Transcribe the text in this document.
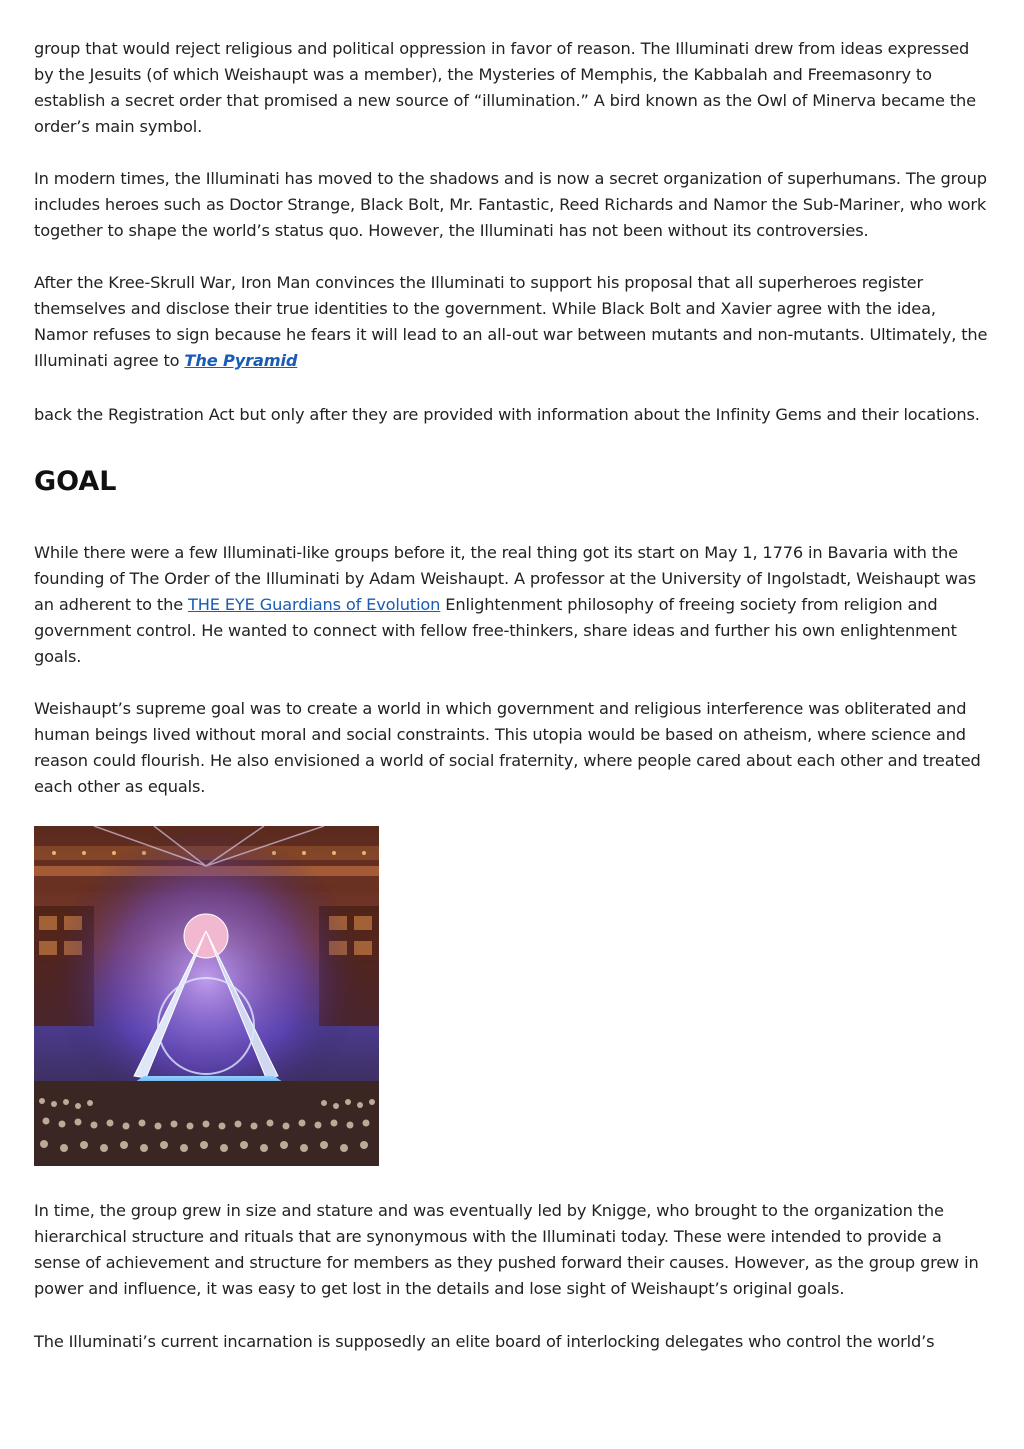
group that would reject religious and political oppression in favor of reason. The Illuminati drew from ideas expressed by the Jesuits (of which Weishaupt was a member), the Mysteries of Memphis, the Kabbalah and Freemasonry to establish a secret order that promised a new source of “illumination.” A bird known as the Owl of Minerva became the order’s main symbol.

In modern times, the Illuminati has moved to the shadows and is now a secret organization of superhumans. The group includes heroes such as Doctor Strange, Black Bolt, Mr. Fantastic, Reed Richards and Namor the Sub-Mariner, who work together to shape the world’s status quo. However, the Illuminati has not been without its controversies.

After the Kree-Skrull War, Iron Man convinces the Illuminati to support his proposal that all superheroes register themselves and disclose their true identities to the government. While Black Bolt and Xavier agree with the idea, Namor refuses to sign because he fears it will lead to an all-out war between mutants and non-mutants. Ultimately, the Illuminati agree to The Pyramid

back the Registration Act but only after they are provided with information about the Infinity Gems and their locations.

GOAL

While there were a few Illuminati-like groups before it, the real thing got its start on May 1, 1776 in Bavaria with the founding of The Order of the Illuminati by Adam Weishaupt. A professor at the University of Ingolstadt, Weishaupt was an adherent to the THE EYE Guardians of Evolution Enlightenment philosophy of freeing society from religion and government control. He wanted to connect with fellow free-thinkers, share ideas and further his own enlightenment goals.

Weishaupt’s supreme goal was to create a world in which government and religious interference was obliterated and human beings lived without moral and social constraints. This utopia would be based on atheism, where science and reason could flourish. He also envisioned a world of social fraternity, where people cared about each other and treated each other as equals.

In time, the group grew in size and stature and was eventually led by Knigge, who brought to the organization the hierarchical structure and rituals that are synonymous with the Illuminati today. These were intended to provide a sense of achievement and structure for members as they pushed forward their causes. However, as the group grew in power and influence, it was easy to get lost in the details and lose sight of Weishaupt’s original goals.

The Illuminati’s current incarnation is supposedly an elite board of interlocking delegates who control the world’s
